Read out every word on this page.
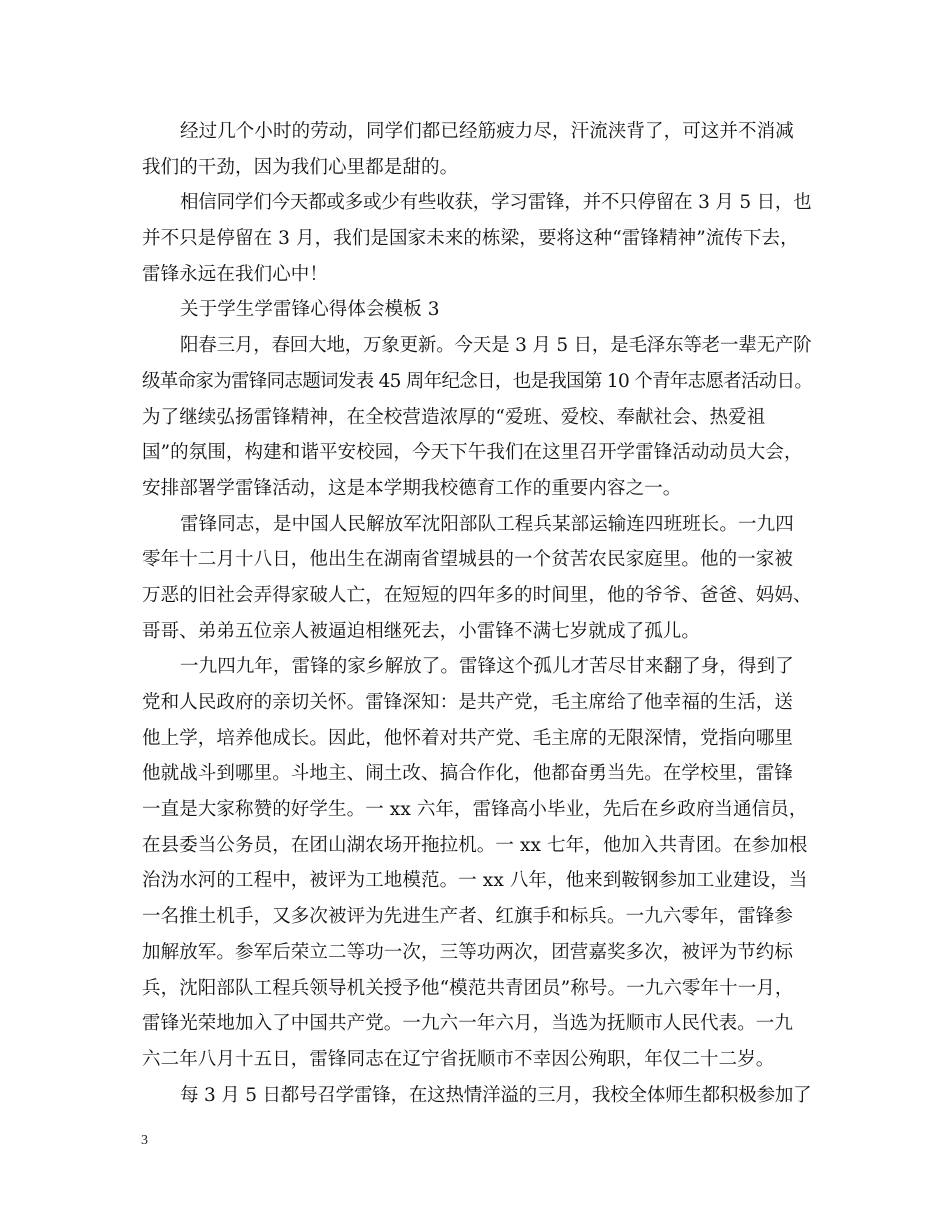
经过几个小时的劳动，同学们都已经筋疲力尽，汗流浃背了，可这并不消减
我们的干劲，因为我们心里都是甜的。
相信同学们今天都或多或少有些收获，学习雷锋，并不只停留在 3 月 5 日，也
并不只是停留在 3 月，我们是国家未来的栋梁，要将这种“雷锋精神”流传下去，
雷锋永远在我们心中！
关于学生学雷锋心得体会模板 3
阳春三月，春回大地，万象更新。今天是 3 月 5 日，是毛泽东等老一辈无产阶
级革命家为雷锋同志题词发表 45 周年纪念日，也是我国第 10 个青年志愿者活动日。
为了继续弘扬雷锋精神，在全校营造浓厚的“爱班、爱校、奉献社会、热爱祖
国”的氛围，构建和谐平安校园，今天下午我们在这里召开学雷锋活动动员大会，
安排部署学雷锋活动，这是本学期我校德育工作的重要内容之一。
雷锋同志，是中国人民解放军沈阳部队工程兵某部运输连四班班长。一九四
零年十二月十八日，他出生在湖南省望城县的一个贫苦农民家庭里。他的一家被
万恶的旧社会弄得家破人亡，在短短的四年多的时间里，他的爷爷、爸爸、妈妈、
哥哥、弟弟五位亲人被逼迫相继死去，小雷锋不满七岁就成了孤儿。
一九四九年，雷锋的家乡解放了。雷锋这个孤儿才苦尽甘来翻了身，得到了
党和人民政府的亲切关怀。雷锋深知：是共产党，毛主席给了他幸福的生活，送
他上学，培养他成长。因此，他怀着对共产党、毛主席的无限深情，党指向哪里
他就战斗到哪里。斗地主、闹土改、搞合作化，他都奋勇当先。在学校里，雷锋
一直是大家称赞的好学生。一 xx 六年，雷锋高小毕业，先后在乡政府当通信员，
在县委当公务员，在团山湖农场开拖拉机。一 xx 七年，他加入共青团。在参加根
治沩水河的工程中，被评为工地模范。一 xx 八年，他来到鞍钢参加工业建设，当
一名推土机手，又多次被评为先进生产者、红旗手和标兵。一九六零年，雷锋参
加解放军。参军后荣立二等功一次，三等功两次，团营嘉奖多次，被评为节约标
兵，沈阳部队工程兵领导机关授予他“模范共青团员”称号。一九六零年十一月，
雷锋光荣地加入了中国共产党。一九六一年六月，当选为抚顺市人民代表。一九
六二年八月十五日，雷锋同志在辽宁省抚顺市不幸因公殉职，年仅二十二岁。
每 3 月 5 日都号召学雷锋，在这热情洋溢的三月，我校全体师生都积极参加了
3
